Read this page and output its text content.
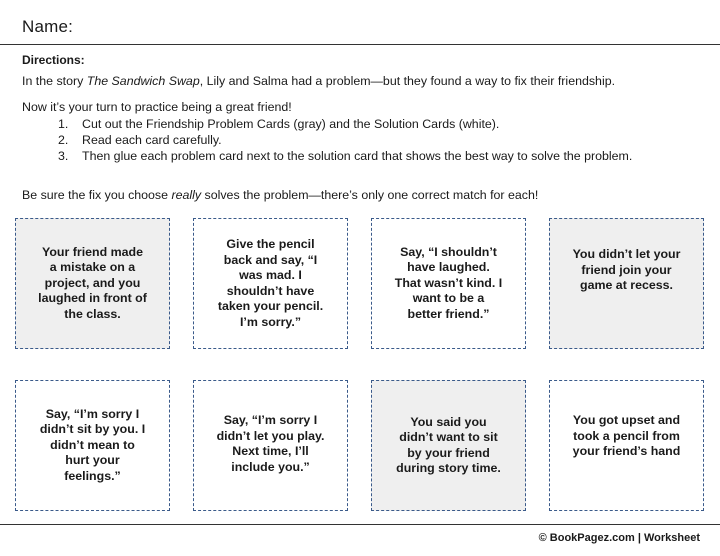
Name:
Directions:
In the story The Sandwich Swap, Lily and Salma had a problem—but they found a way to fix their friendship.
Now it’s your turn to practice being a great friend!
1.	Cut out the Friendship Problem Cards (gray) and the Solution Cards (white).
2.	Read each card carefully.
3.	Then glue each problem card next to the solution card that shows the best way to solve the problem.
Be sure the fix you choose really solves the problem—there’s only one correct match for each!
Your friend made a mistake on a project, and you laughed in front of the class.
Give the pencil back and say, “I was mad. I shouldn’t have taken your pencil. I’m sorry.”
Say, “I shouldn’t have laughed. That wasn’t kind. I want to be a better friend.”
You didn’t let your friend join your game at recess.
Say, “I’m sorry I didn’t sit by you. I didn’t mean to hurt your feelings.”
Say, “I’m sorry I didn’t let you play. Next time, I’ll include you.”
You said you didn’t want to sit by your friend during story time.
You got upset and took a pencil from your friend’s hand
© BookPagez.com | Worksheet
